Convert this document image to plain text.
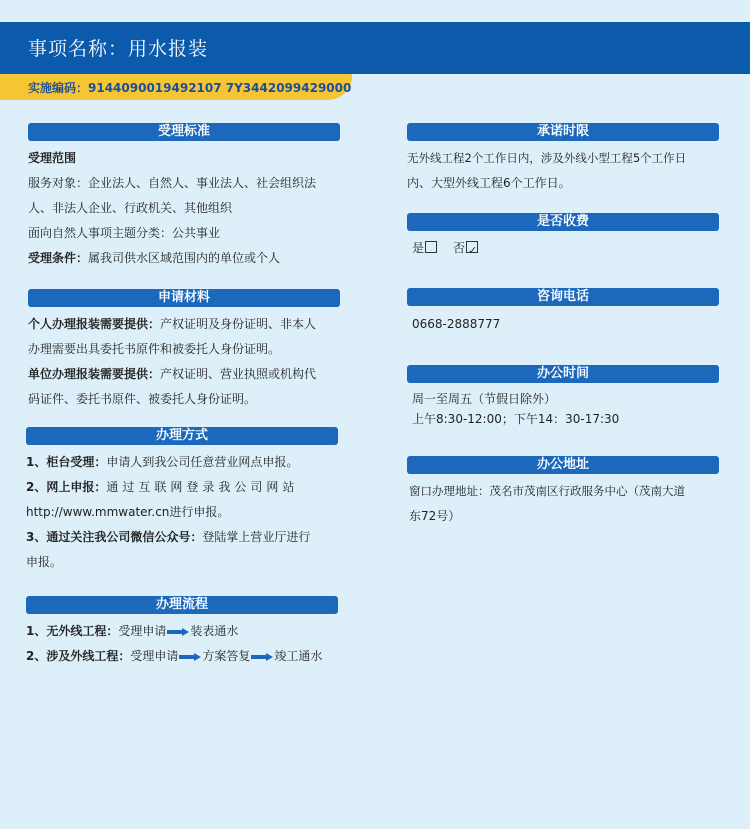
事项名称：用水报装
实施编码：9144090019492107 7Y3442099429000
受理标准

受理范围

服务对象：企业法人、自然人、事业法人、社会组织法

人、非法人企业、行政机关、其他组织

面向自然人事项主题分类：公共事业

受理条件：属我司供水区域范围内的单位或个人

申请材料

个人办理报装需要提供：产权证明及身份证明、非本人

办理需要出具委托书原件和被委托人身份证明。

单位办理报装需要提供：产权证明、营业执照或机构代

码证件、委托书原件、被委托人身份证明。

办理方式

1、柜台受理：申请人到我公司任意营业网点申报。

2、网上申报：通过互联网登录我公司网站

http://www.mmwater.cn进行申报。

3、通过关注我公司微信公众号：登陆掌上营业厅进行

申报。

办理流程

1、无外线工程：受理申请 装表通水

2、涉及外线工程：受理申请 方案答复 竣工通水

承诺时限

无外线工程2个工作日内，涉及外线小型工程5个工作日

内、大型外线工程6个工作日。

是否收费

是 否✓

咨询电话

0668-2888777

办公时间

周一至周五（节假日除外）

上午8:30-12:00；下午14：30-17:30

办公地址

窗口办理地址：茂名市茂南区行政服务中心（茂南大道

东72号）
